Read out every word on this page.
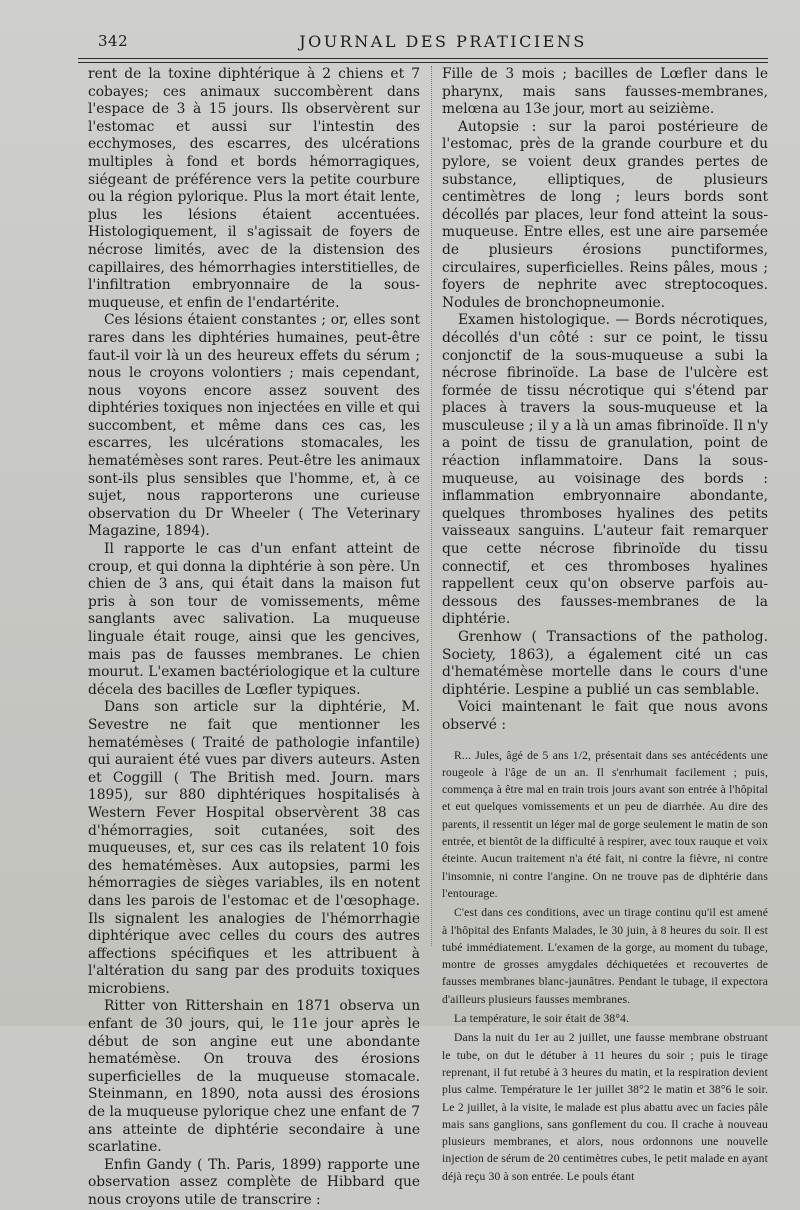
342	JOURNAL DES PRATICIENS

rent de la toxine diphtérique à 2 chiens et 7 cobayes; ces animaux succombèrent dans l'espace de 3 à 15 jours. Ils observèrent sur l'estomac et aussi sur l'intestin des ecchymoses, des escarres, des ulcérations multiples à fond et bords hémorragiques, siégeant de préférence vers la petite courbure ou la région pylorique. Plus la mort était lente, plus les lésions étaient accentuées. Histologiquement, il s'agissait de foyers de nécrose limités, avec de la distension des capillaires, des hémorrhagies interstitielles, de l'infiltration embryonnaire de la sous-muqueuse, et enfin de l'endartérite.

Ces lésions étaient constantes ; or, elles sont rares dans les diphtéries humaines, peut-être faut-il voir là un des heureux effets du sérum ; nous le croyons volontiers ; mais cependant, nous voyons encore assez souvent des diphtéries toxiques non injectées en ville et qui succombent, et même dans ces cas, les escarres, les ulcérations stomacales, les hematémèses sont rares. Peut-être les animaux sont-ils plus sensibles que l'homme, et, à ce sujet, nous rapporterons une curieuse observation du Dr Wheeler ( The Veterinary Magazine, 1894).

Il rapporte le cas d'un enfant atteint de croup, et qui donna la diphtérie à son père. Un chien de 3 ans, qui était dans la maison fut pris à son tour de vomissements, même sanglants avec salivation. La muqueuse linguale était rouge, ainsi que les gencives, mais pas de fausses membranes. Le chien mourut. L'examen bactériologique et la culture décela des bacilles de Lœfler typiques.

Dans son article sur la diphtérie, M. Sevestre ne fait que mentionner les hematémèses ( Traité de pathologie infantile) qui auraient été vues par divers auteurs. Asten et Coggill ( The British med. Journ. mars 1895), sur 880 diphtériques hospitalisés à Western Fever Hospital observèrent 38 cas d'hémorragies, soit cutanées, soit des muqueuses, et, sur ces cas ils relatent 10 fois des hematémèses. Aux autopsies, parmi les hémorragies de sièges variables, ils en notent dans les parois de l'estomac et de l'œsophage. Ils signalent les analogies de l'hémorrhagie diphtérique avec celles du cours des autres affections spécifiques et les attribuent à l'altération du sang par des produits toxiques microbiens.

Ritter von Rittershain en 1871 observa un enfant de 30 jours, qui, le 11e jour après le début de son angine eut une abondante hematémèse. On trouva des érosions superficielles de la muqueuse stomacale. Steinmann, en 1890, nota aussi des érosions de la muqueuse pylorique chez une enfant de 7 ans atteinte de diphtérie secondaire à une scarlatine.

Enfin Gandy ( Th. Paris, 1899) rapporte une observation assez complète de Hibbard que nous croyons utile de transcrire :

Fille de 3 mois ; bacilles de Lœfler dans le pharynx, mais sans fausses-membranes, melœna au 13e jour, mort au seizième.

Autopsie : sur la paroi postérieure de l'estomac, près de la grande courbure et du pylore, se voient deux grandes pertes de substance, elliptiques, de plusieurs centimètres de long ; leurs bords sont décollés par places, leur fond atteint la sous-muqueuse. Entre elles, est une aire parsemée de plusieurs érosions punctiformes, circulaires, superficielles. Reins pâles, mous ; foyers de nephrite avec streptocoques. Nodules de bronchopneumonie.

Examen histologique. — Bords nécrotiques, décollés d'un côté : sur ce point, le tissu conjonctif de la sous-muqueuse a subi la nécrose fibrinoïde. La base de l'ulcère est formée de tissu nécrotique qui s'étend par places à travers la sous-muqueuse et la musculeuse ; il y a là un amas fibrinoïde. Il n'y a point de tissu de granulation, point de réaction inflammatoire. Dans la sous-muqueuse, au voisinage des bords : inflammation embryonnaire abondante, quelques thromboses hyalines des petits vaisseaux sanguins. L'auteur fait remarquer que cette nécrose fibrinoïde du tissu connectif, et ces thromboses hyalines rappellent ceux qu'on observe parfois au-dessous des fausses-membranes de la diphtérie.

Grenhow ( Transactions of the patholog. Society, 1863), a également cité un cas d'hematémèse mortelle dans le cours d'une diphtérie. Lespine a publié un cas semblable.

Voici maintenant le fait que nous avons observé :

R... Jules, âgé de 5 ans 1/2, présentait dans ses antécédents une rougeole à l'âge de un an. Il s'enrhumait facilement ; puis, commença à être mal en train trois jours avant son entrée à l'hôpital et eut quelques vomissements et un peu de diarrhée. Au dire des parents, il ressentit un léger mal de gorge seulement le matin de son entrée, et bientôt de la difficulté à respirer, avec toux rauque et voix éteinte. Aucun traitement n'a été fait, ni contre la fièvre, ni contre l'insomnie, ni contre l'angine. On ne trouve pas de diphtérie dans l'entourage.

C'est dans ces conditions, avec un tirage continu qu'il est amené à l'hôpital des Enfants Malades, le 30 juin, à 8 heures du soir. Il est tubé immédiatement. L'examen de la gorge, au moment du tubage, montre de grosses amygdales déchiquetées et recouvertes de fausses membranes blanc-jaunâtres. Pendant le tubage, il expectora d'ailleurs plusieurs fausses membranes.

La température, le soir était de 38°4.

Dans la nuit du 1er au 2 juillet, une fausse membrane obstruant le tube, on dut le détuber à 11 heures du soir ; puis le tirage reprenant, il fut retubé à 3 heures du matin, et la respiration devient plus calme. Température le 1er juillet 38°2 le matin et 38°6 le soir. Le 2 juillet, à la visite, le malade est plus abattu avec un facies pâle mais sans ganglions, sans gonflement du cou. Il crache à nouveau plusieurs membranes, et alors, nous ordonnons une nouvelle injection de sérum de 20 centimètres cubes, le petit malade en ayant déjà reçu 30 à son entrée. Le pouls étant
